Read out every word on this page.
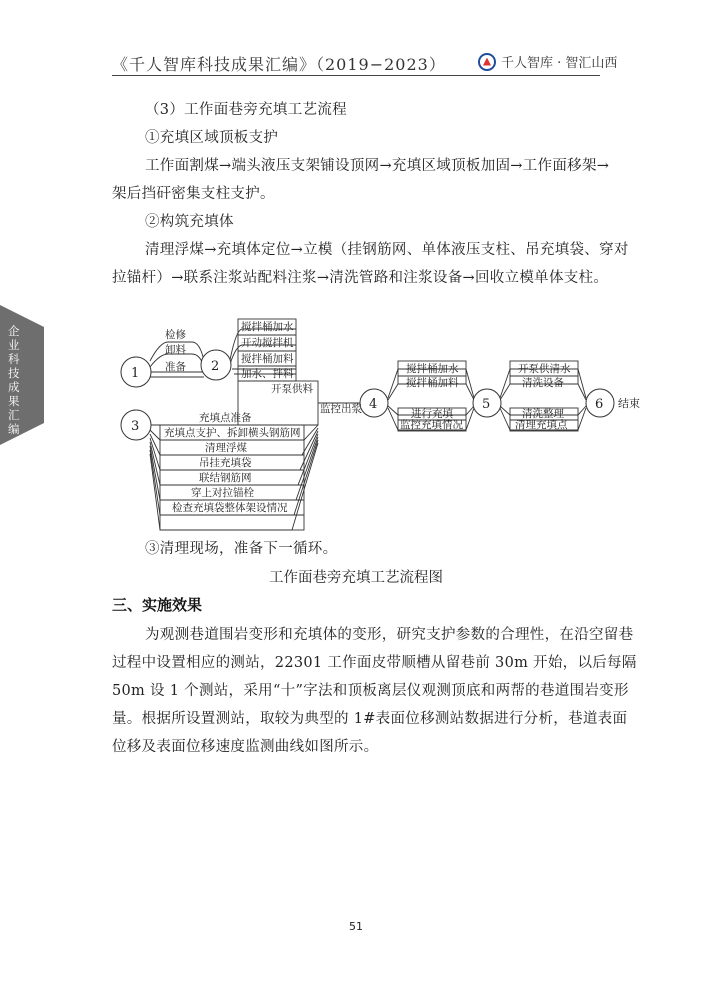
《千人智库科技成果汇编》（2019−2023）	千人智库 · 智汇山西
企业科技成果汇编
（3）工作面巷旁充填工艺流程
①充填区域顶板支护
工作面割煤→端头液压支架铺设顶网→充填区域顶板加固→工作面移架→
架后挡矸密集支柱支护。
②构筑充填体
清理浮煤→充填体定位→立模（挂钢筋网、单体液压支柱、吊充填袋、穿对
拉锚杆）→联系注浆站配料注浆→清洗管路和注浆设备→回收立模单体支柱。
1	2
3
4	5	6
检修
卸料
准备
搅拌桶加水
开动搅拌机
搅拌桶加料
加水、拌料
开泵供料
监控出浆
充填点准备
充填点支护、拆卸横头钢筋网
清理浮煤
吊挂充填袋
联结钢筋网
穿上对拉锚栓
检查充填袋整体架设情况
搅拌桶加水
搅拌桶加料
进行充填
监控充填情况
开泵供清水
清洗设备
清洗整理
清理充填点
结束
③清理现场，准备下一循环。
工作面巷旁充填工艺流程图
三、实施效果
为观测巷道围岩变形和充填体的变形，研究支护参数的合理性，在沿空留巷
过程中设置相应的测站，22301 工作面皮带顺槽从留巷前 30m 开始，以后每隔
50m 设 1 个测站，采用“十”字法和顶板离层仪观测顶底和两帮的巷道围岩变形
量。根据所设置测站，取较为典型的 1#表面位移测站数据进行分析，巷道表面
位移及表面位移速度监测曲线如图所示。
51
